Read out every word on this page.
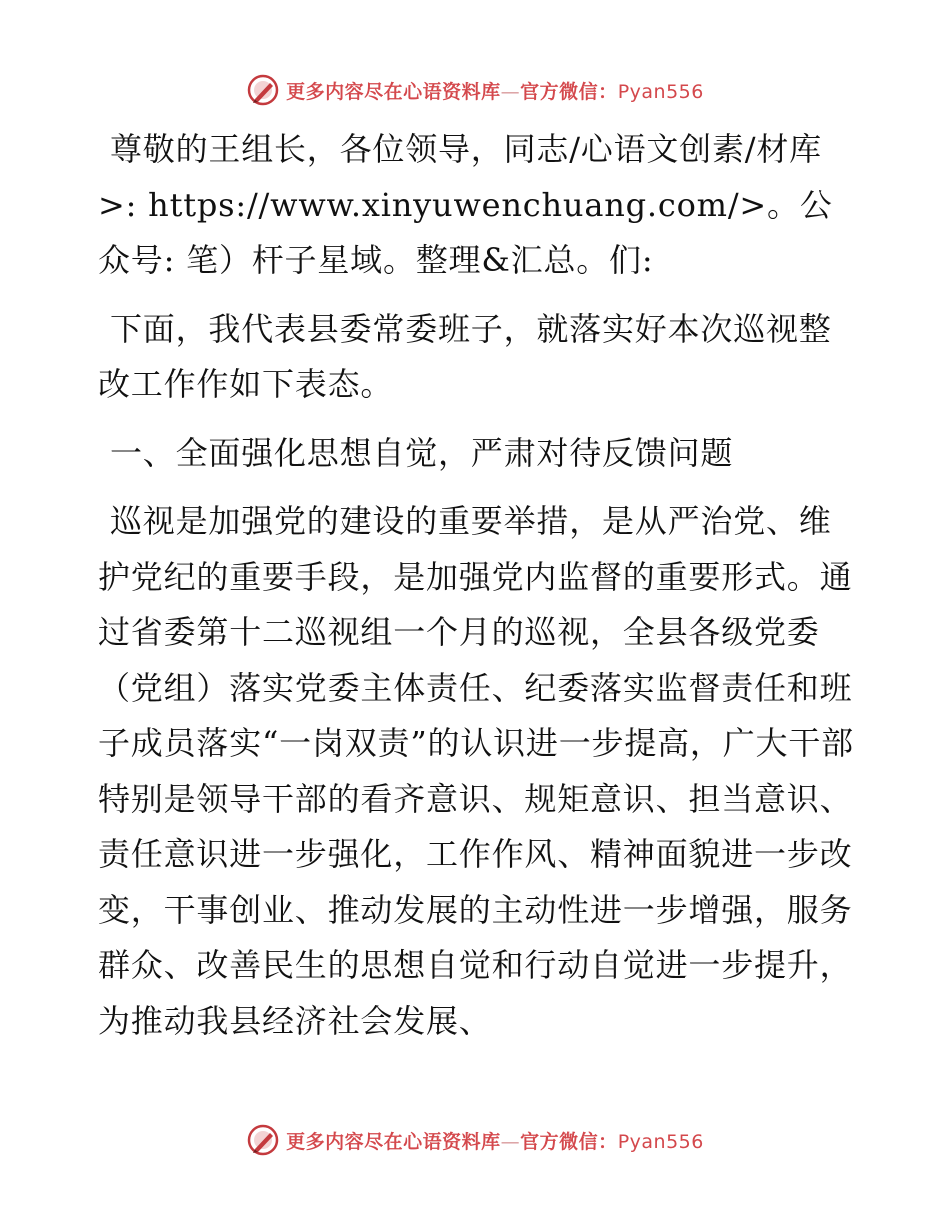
更多内容尽在心语资料库—官方微信：Pyan556

尊敬的王组长，各位领导，同志/心语文创素/材库>: https://www.xinyuwenchuang.com/>。公众号: 笔）杆子星域。整理&汇总。们:

下面，我代表县委常委班子，就落实好本次巡视整改工作作如下表态。

一、全面强化思想自觉，严肃对待反馈问题

巡视是加强党的建设的重要举措，是从严治党、维护党纪的重要手段，是加强党内监督的重要形式。通过省委第十二巡视组一个月的巡视，全县各级党委（党组）落实党委主体责任、纪委落实监督责任和班子成员落实“一岗双责”的认识进一步提高，广大干部特别是领导干部的看齐意识、规矩意识、担当意识、责任意识进一步强化，工作作风、精神面貌进一步改变，干事创业、推动发展的主动性进一步增强，服务群众、改善民生的思想自觉和行动自觉进一步提升，为推动我县经济社会发展、

更多内容尽在心语资料库—官方微信：Pyan556
